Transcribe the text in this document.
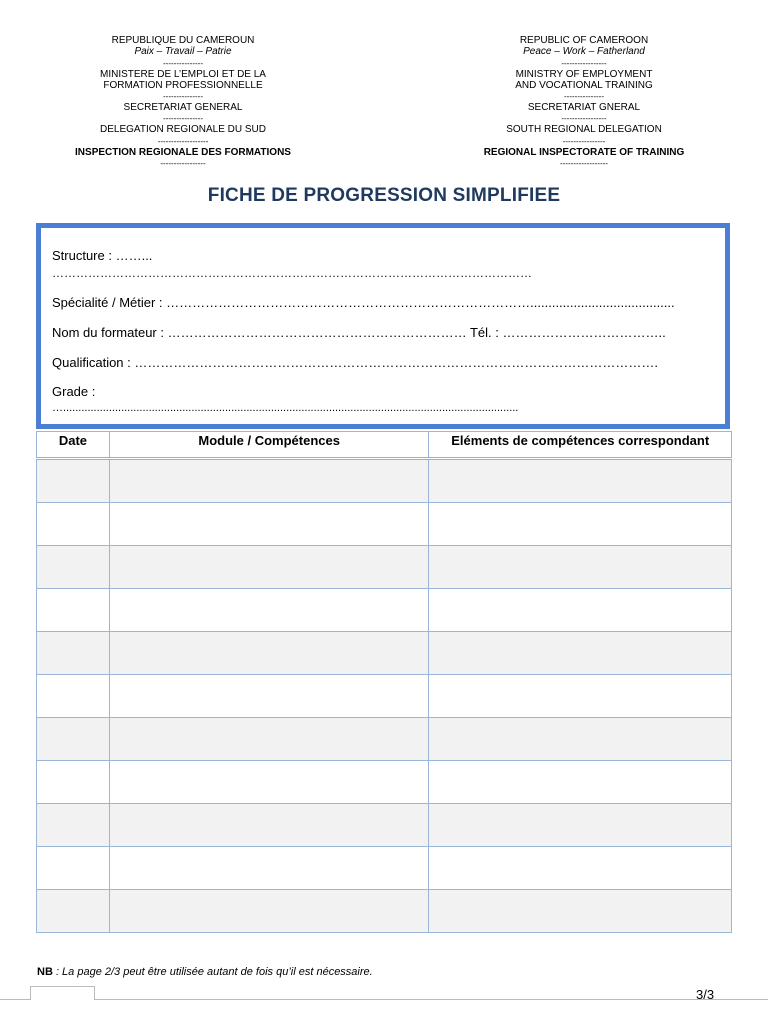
REPUBLIQUE DU CAMEROUN
Paix – Travail – Patrie
---------------
MINISTERE DE L’EMPLOI ET DE LA
FORMATION PROFESSIONNELLE
---------------
SECRETARIAT GENERAL
---------------
DELEGATION REGIONALE DU SUD
-------------------
INSPECTION REGIONALE DES FORMATIONS
-----------------
REPUBLIC OF CAMEROON
Peace – Work – Fatherland
-----------------
MINISTRY OF EMPLOYMENT
AND VOCATIONAL TRAINING
---------------
SECRETARIAT GNERAL
-----------------
SOUTH REGIONAL DELEGATION
----------------
REGIONAL INSPECTORATE OF TRAINING
------------------
FICHE DE PROGRESSION SIMPLIFIEE
Structure : ……...
…………………………………………………………………………………………………………
Spécialité / Métier : …………………………………………………………………………........................................
Nom du formateur : …………………………………………………………… Tél. : ………………………………..
Qualification : ………………………………………………………………………………………………………….
Grade :
….....................................................................................................................................................
Date	Module / Compétences	Eléments de compétences correspondant

NB : La page 2/3 peut être utilisée autant de fois qu’il est nécessaire.
3/3
